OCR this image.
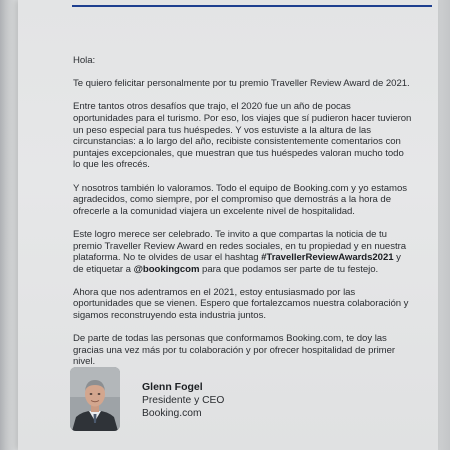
Hola:

Te quiero felicitar personalmente por tu premio Traveller Review Award de 2021.

Entre tantos otros desafíos que trajo, el 2020 fue un año de pocas oportunidades para el turismo. Por eso, los viajes que sí pudieron hacer tuvieron un peso especial para tus huéspedes. Y vos estuviste a la altura de las circunstancias: a lo largo del año, recibiste consistentemente comentarios con puntajes excepcionales, que muestran que tus huéspedes valoran mucho todo lo que les ofrecés.

Y nosotros también lo valoramos. Todo el equipo de Booking.com y yo estamos agradecidos, como siempre, por el compromiso que demostrás a la hora de ofrecerle a la comunidad viajera un excelente nivel de hospitalidad.

Este logro merece ser celebrado. Te invito a que compartas la noticia de tu premio Traveller Review Award en redes sociales, en tu propiedad y en nuestra plataforma. No te olvides de usar el hashtag #TravellerReviewAwards2021 y de etiquetar a @bookingcom para que podamos ser parte de tu festejo.

Ahora que nos adentramos en el 2021, estoy entusiasmado por las oportunidades que se vienen. Espero que fortalezcamos nuestra colaboración y sigamos reconstruyendo esta industria juntos.

De parte de todas las personas que conformamos Booking.com, te doy las gracias una vez más por tu colaboración y por ofrecer hospitalidad de primer nivel.

Glenn Fogel
Presidente y CEO
Booking.com
